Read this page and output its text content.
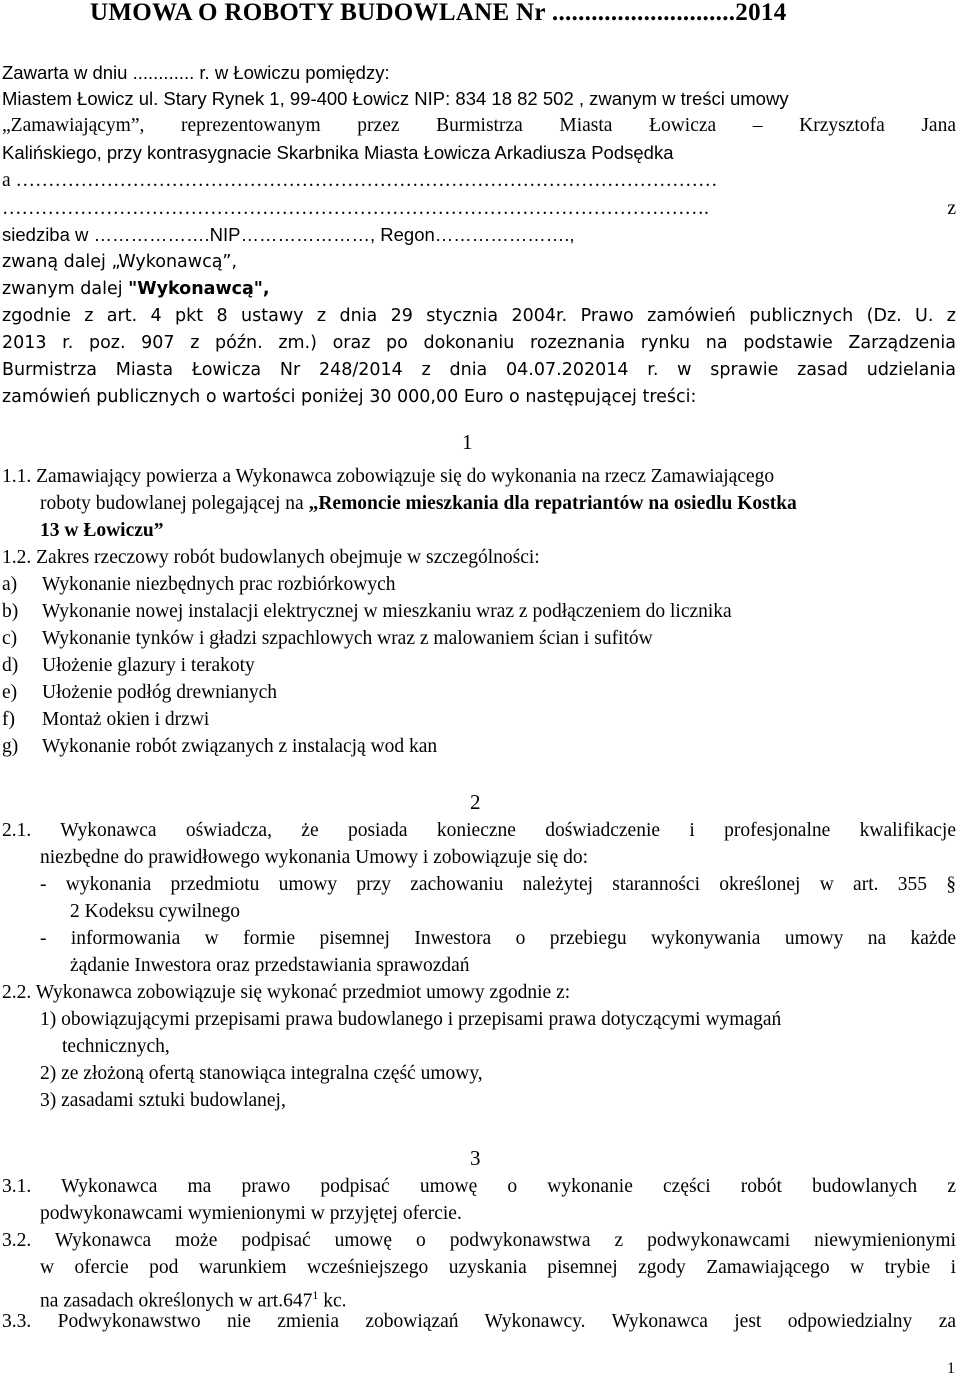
UMOWA O ROBOTY BUDOWLANE Nr ............................2014
Zawarta w dniu ............ r. w Łowiczu pomiędzy:
Miastem Łowicz ul. Stary Rynek 1, 99-400 Łowicz NIP: 834 18 82 502 , zwanym w treści umowy
„Zamawiającym”, reprezentowanym przez Burmistrza Miasta Łowicza – Krzysztofa Jana
Kalińskiego, przy kontrasygnacie Skarbnika Miasta Łowicza Arkadiusza Podsędka
a ………………………………………………………………………………………………
………………………………………………………………………………………………. z
siedziba w ……………….NIP…………………, Regon………………….,
zwaną dalej „Wykonawcą”,
zwanym dalej "Wykonawcą",
zgodnie z art. 4 pkt 8 ustawy z dnia 29 stycznia 2004r. Prawo zamówień publicznych (Dz. U. z
2013 r. poz. 907 z późn. zm.) oraz po dokonaniu rozeznania rynku na podstawie Zarządzenia
Burmistrza Miasta Łowicza Nr 248/2014 z dnia 04.07.202014 r. w sprawie zasad udzielania
zamówień publicznych o wartości poniżej 30 000,00 Euro o następującej treści:
1
1.1. Zamawiający powierza a Wykonawca zobowiązuje się do wykonania na rzecz Zamawiającego
roboty budowlanej polegającej na „Remoncie mieszkania dla repatriantów na osiedlu Kostka
13 w Łowiczu”
1.2. Zakres rzeczowy robót budowlanych obejmuje w szczególności:
a) Wykonanie niezbędnych prac rozbiórkowych
b) Wykonanie nowej instalacji elektrycznej w mieszkaniu wraz z podłączeniem do licznika
c) Wykonanie tynków i gładzi szpachlowych wraz z malowaniem ścian i sufitów
d) Ułożenie glazury i terakoty
e) Ułożenie podłóg drewnianych
f) Montaż okien i drzwi
g) Wykonanie robót związanych z instalacją wod kan
2
2.1. Wykonawca oświadcza, że posiada konieczne doświadczenie i profesjonalne kwalifikacje
niezbędne do prawidłowego wykonania Umowy i zobowiązuje się do:
- wykonania przedmiotu umowy przy zachowaniu należytej staranności określonej w art. 355 §
2 Kodeksu cywilnego
- informowania w formie pisemnej Inwestora o przebiegu wykonywania umowy na każde
żądanie Inwestora oraz przedstawiania sprawozdań
2.2. Wykonawca zobowiązuje się wykonać przedmiot umowy zgodnie z:
1) obowiązującymi przepisami prawa budowlanego i przepisami prawa dotyczącymi wymagań
technicznych,
2) ze złożoną ofertą stanowiąca integralna część umowy,
3) zasadami sztuki budowlanej,
3
3.1. Wykonawca ma prawo podpisać umowę o wykonanie części robót budowlanych z
podwykonawcami wymienionymi w przyjętej ofercie.
3.2. Wykonawca może podpisać umowę o podwykonawstwa z podwykonawcami niewymienionymi
w ofercie pod warunkiem wcześniejszego uzyskania pisemnej zgody Zamawiającego w trybie i
na zasadach określonych w art.647$^1$ kc.
3.3. Podwykonawstwo nie zmienia zobowiązań Wykonawcy. Wykonawca jest odpowiedzialny za
1
